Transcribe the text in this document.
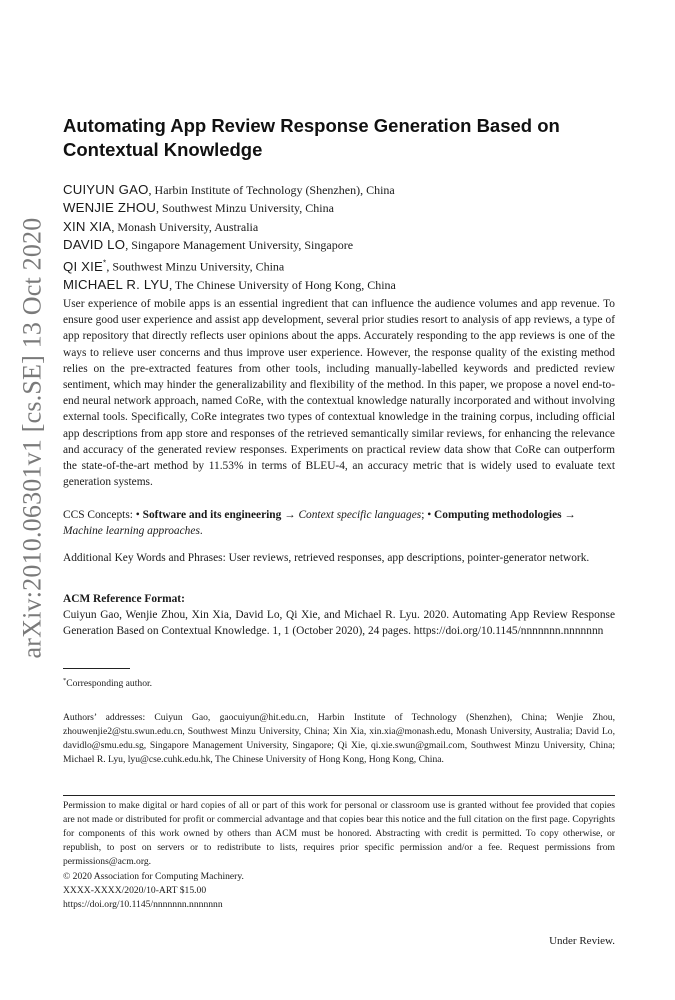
arXiv:2010.06301v1 [cs.SE] 13 Oct 2020
Automating App Review Response Generation Based on Contextual Knowledge
CUIYUN GAO, Harbin Institute of Technology (Shenzhen), China
WENJIE ZHOU, Southwest Minzu University, China
XIN XIA, Monash University, Australia
DAVID LO, Singapore Management University, Singapore
QI XIE*, Southwest Minzu University, China
MICHAEL R. LYU, The Chinese University of Hong Kong, China

User experience of mobile apps is an essential ingredient that can influence the audience volumes and app revenue. To ensure good user experience and assist app development, several prior studies resort to analysis of app reviews, a type of app repository that directly reflects user opinions about the apps. Accurately responding to the app reviews is one of the ways to relieve user concerns and thus improve user experience. However, the response quality of the existing method relies on the pre-extracted features from other tools, including manually-labelled keywords and predicted review sentiment, which may hinder the generalizability and flexibility of the method. In this paper, we propose a novel end-to-end neural network approach, named CoRe, with the contextual knowledge naturally incorporated and without involving external tools. Specifically, CoRe integrates two types of contextual knowledge in the training corpus, including official app descriptions from app store and responses of the retrieved semantically similar reviews, for enhancing the relevance and accuracy of the generated review responses. Experiments on practical review data show that CoRe can outperform the state-of-the-art method by 11.53% in terms of BLEU-4, an accuracy metric that is widely used to evaluate text generation systems.

CCS Concepts: • Software and its engineering → Context specific languages; • Computing methodologies → Machine learning approaches.

Additional Key Words and Phrases: User reviews, retrieved responses, app descriptions, pointer-generator network.

ACM Reference Format:

Cuiyun Gao, Wenjie Zhou, Xin Xia, David Lo, Qi Xie, and Michael R. Lyu. 2020. Automating App Review Response Generation Based on Contextual Knowledge. 1, 1 (October 2020), 24 pages. https://doi.org/10.1145/nnnnnnn.nnnnnnn

*Corresponding author.

Authors’ addresses: Cuiyun Gao, gaocuiyun@hit.edu.cn, Harbin Institute of Technology (Shenzhen), China; Wenjie Zhou, zhouwenjie2@stu.swun.edu.cn, Southwest Minzu University, China; Xin Xia, xin.xia@monash.edu, Monash University, Australia; David Lo, davidlo@smu.edu.sg, Singapore Management University, Singapore; Qi Xie, qi.xie.swun@gmail.com, Southwest Minzu University, China; Michael R. Lyu, lyu@cse.cuhk.edu.hk, The Chinese University of Hong Kong, Hong Kong, China.

Permission to make digital or hard copies of all or part of this work for personal or classroom use is granted without fee provided that copies are not made or distributed for profit or commercial advantage and that copies bear this notice and the full citation on the first page. Copyrights for components of this work owned by others than ACM must be honored. Abstracting with credit is permitted. To copy otherwise, or republish, to post on servers or to redistribute to lists, requires prior specific permission and/or a fee. Request permissions from permissions@acm.org.

© 2020 Association for Computing Machinery.
XXXX-XXXX/2020/10-ART $15.00
https://doi.org/10.1145/nnnnnnn.nnnnnnn

Under Review.
